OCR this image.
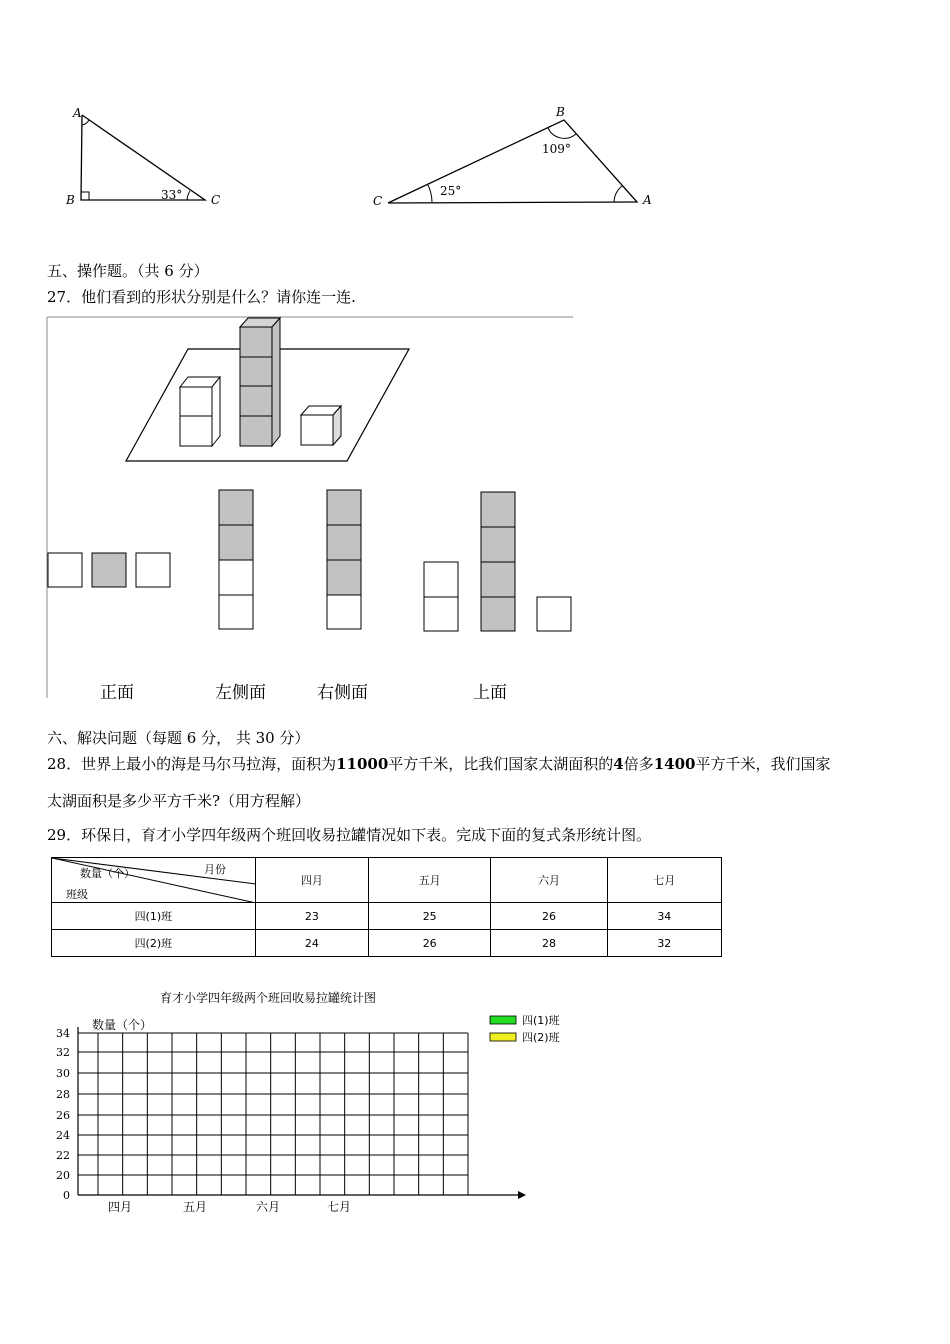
A
B	C
33°
B
C	A
109°
25°
五、操作题。（共 6 分）
27．他们看到的形状分别是什么？请你连一连.
正面	左侧面	右侧面	上面
六、解决问题（每题 6 分， 共 30 分）
28．世界上最小的海是马尔马拉海，面积为11000平方千米，比我们国家太湖面积的4倍多1400平方千米，我们国家
太湖面积是多少平方千米?（用方程解）
29．环保日，育才小学四年级两个班回收易拉罐情况如下表。完成下面的复式条形统计图。
数量（个） 月份
班级	四月	五月	六月	七月
四(1)班	23	25	26	34
四(2)班	24	26	28	32
育才小学四年级两个班回收易拉罐统计图
数量（个）
34
32
30
28
26
24
22
20
0
四月	五月	六月	七月
四(1)班
四(2)班
